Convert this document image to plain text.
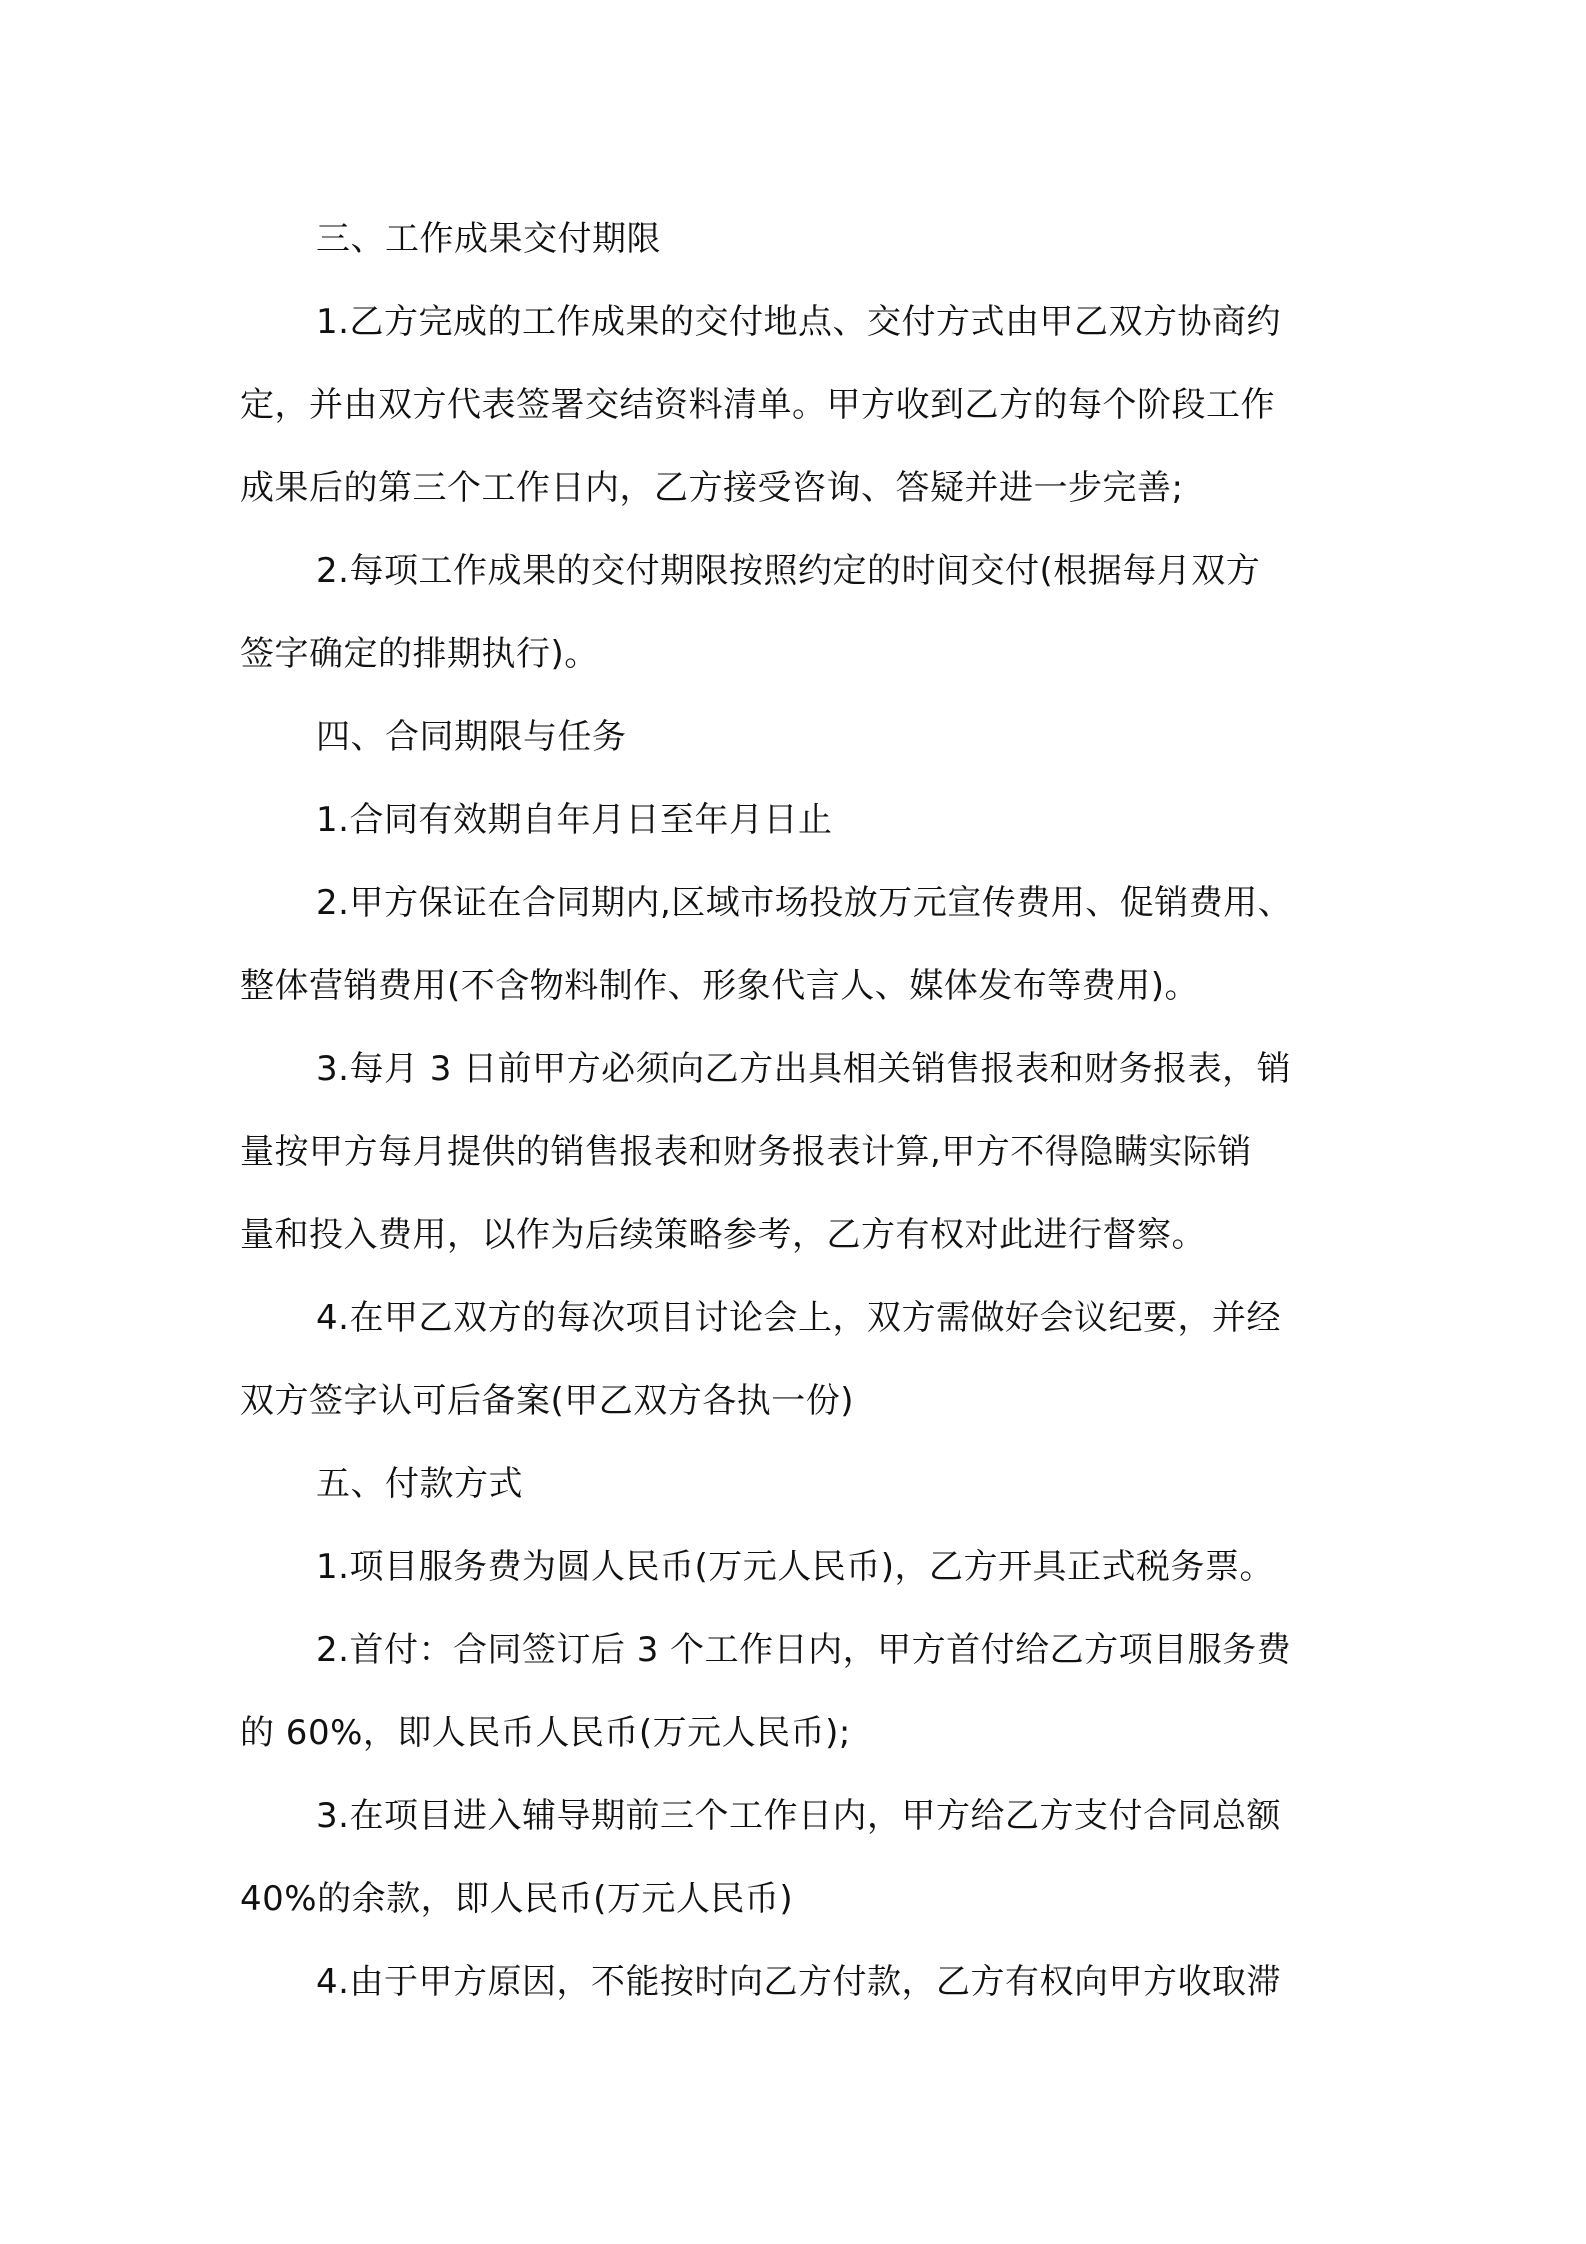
三、工作成果交付期限
1.乙方完成的工作成果的交付地点、交付方式由甲乙双方协商约
定，并由双方代表签署交结资料清单。甲方收到乙方的每个阶段工作
成果后的第三个工作日内，乙方接受咨询、答疑并进一步完善;
2.每项工作成果的交付期限按照约定的时间交付(根据每月双方
签字确定的排期执行)。
四、合同期限与任务
1.合同有效期自年月日至年月日止
2.甲方保证在合同期内,区域市场投放万元宣传费用、促销费用、
整体营销费用(不含物料制作、形象代言人、媒体发布等费用)。
3.每月 3 日前甲方必须向乙方出具相关销售报表和财务报表，销
量按甲方每月提供的销售报表和财务报表计算,甲方不得隐瞒实际销
量和投入费用，以作为后续策略参考，乙方有权对此进行督察。
4.在甲乙双方的每次项目讨论会上，双方需做好会议纪要，并经
双方签字认可后备案(甲乙双方各执一份)
五、付款方式
1.项目服务费为圆人民币(万元人民币)，乙方开具正式税务票。
2.首付：合同签订后 3 个工作日内，甲方首付给乙方项目服务费
的 60%，即人民币人民币(万元人民币);
3.在项目进入辅导期前三个工作日内，甲方给乙方支付合同总额
40%的余款，即人民币(万元人民币)
4.由于甲方原因，不能按时向乙方付款，乙方有权向甲方收取滞
